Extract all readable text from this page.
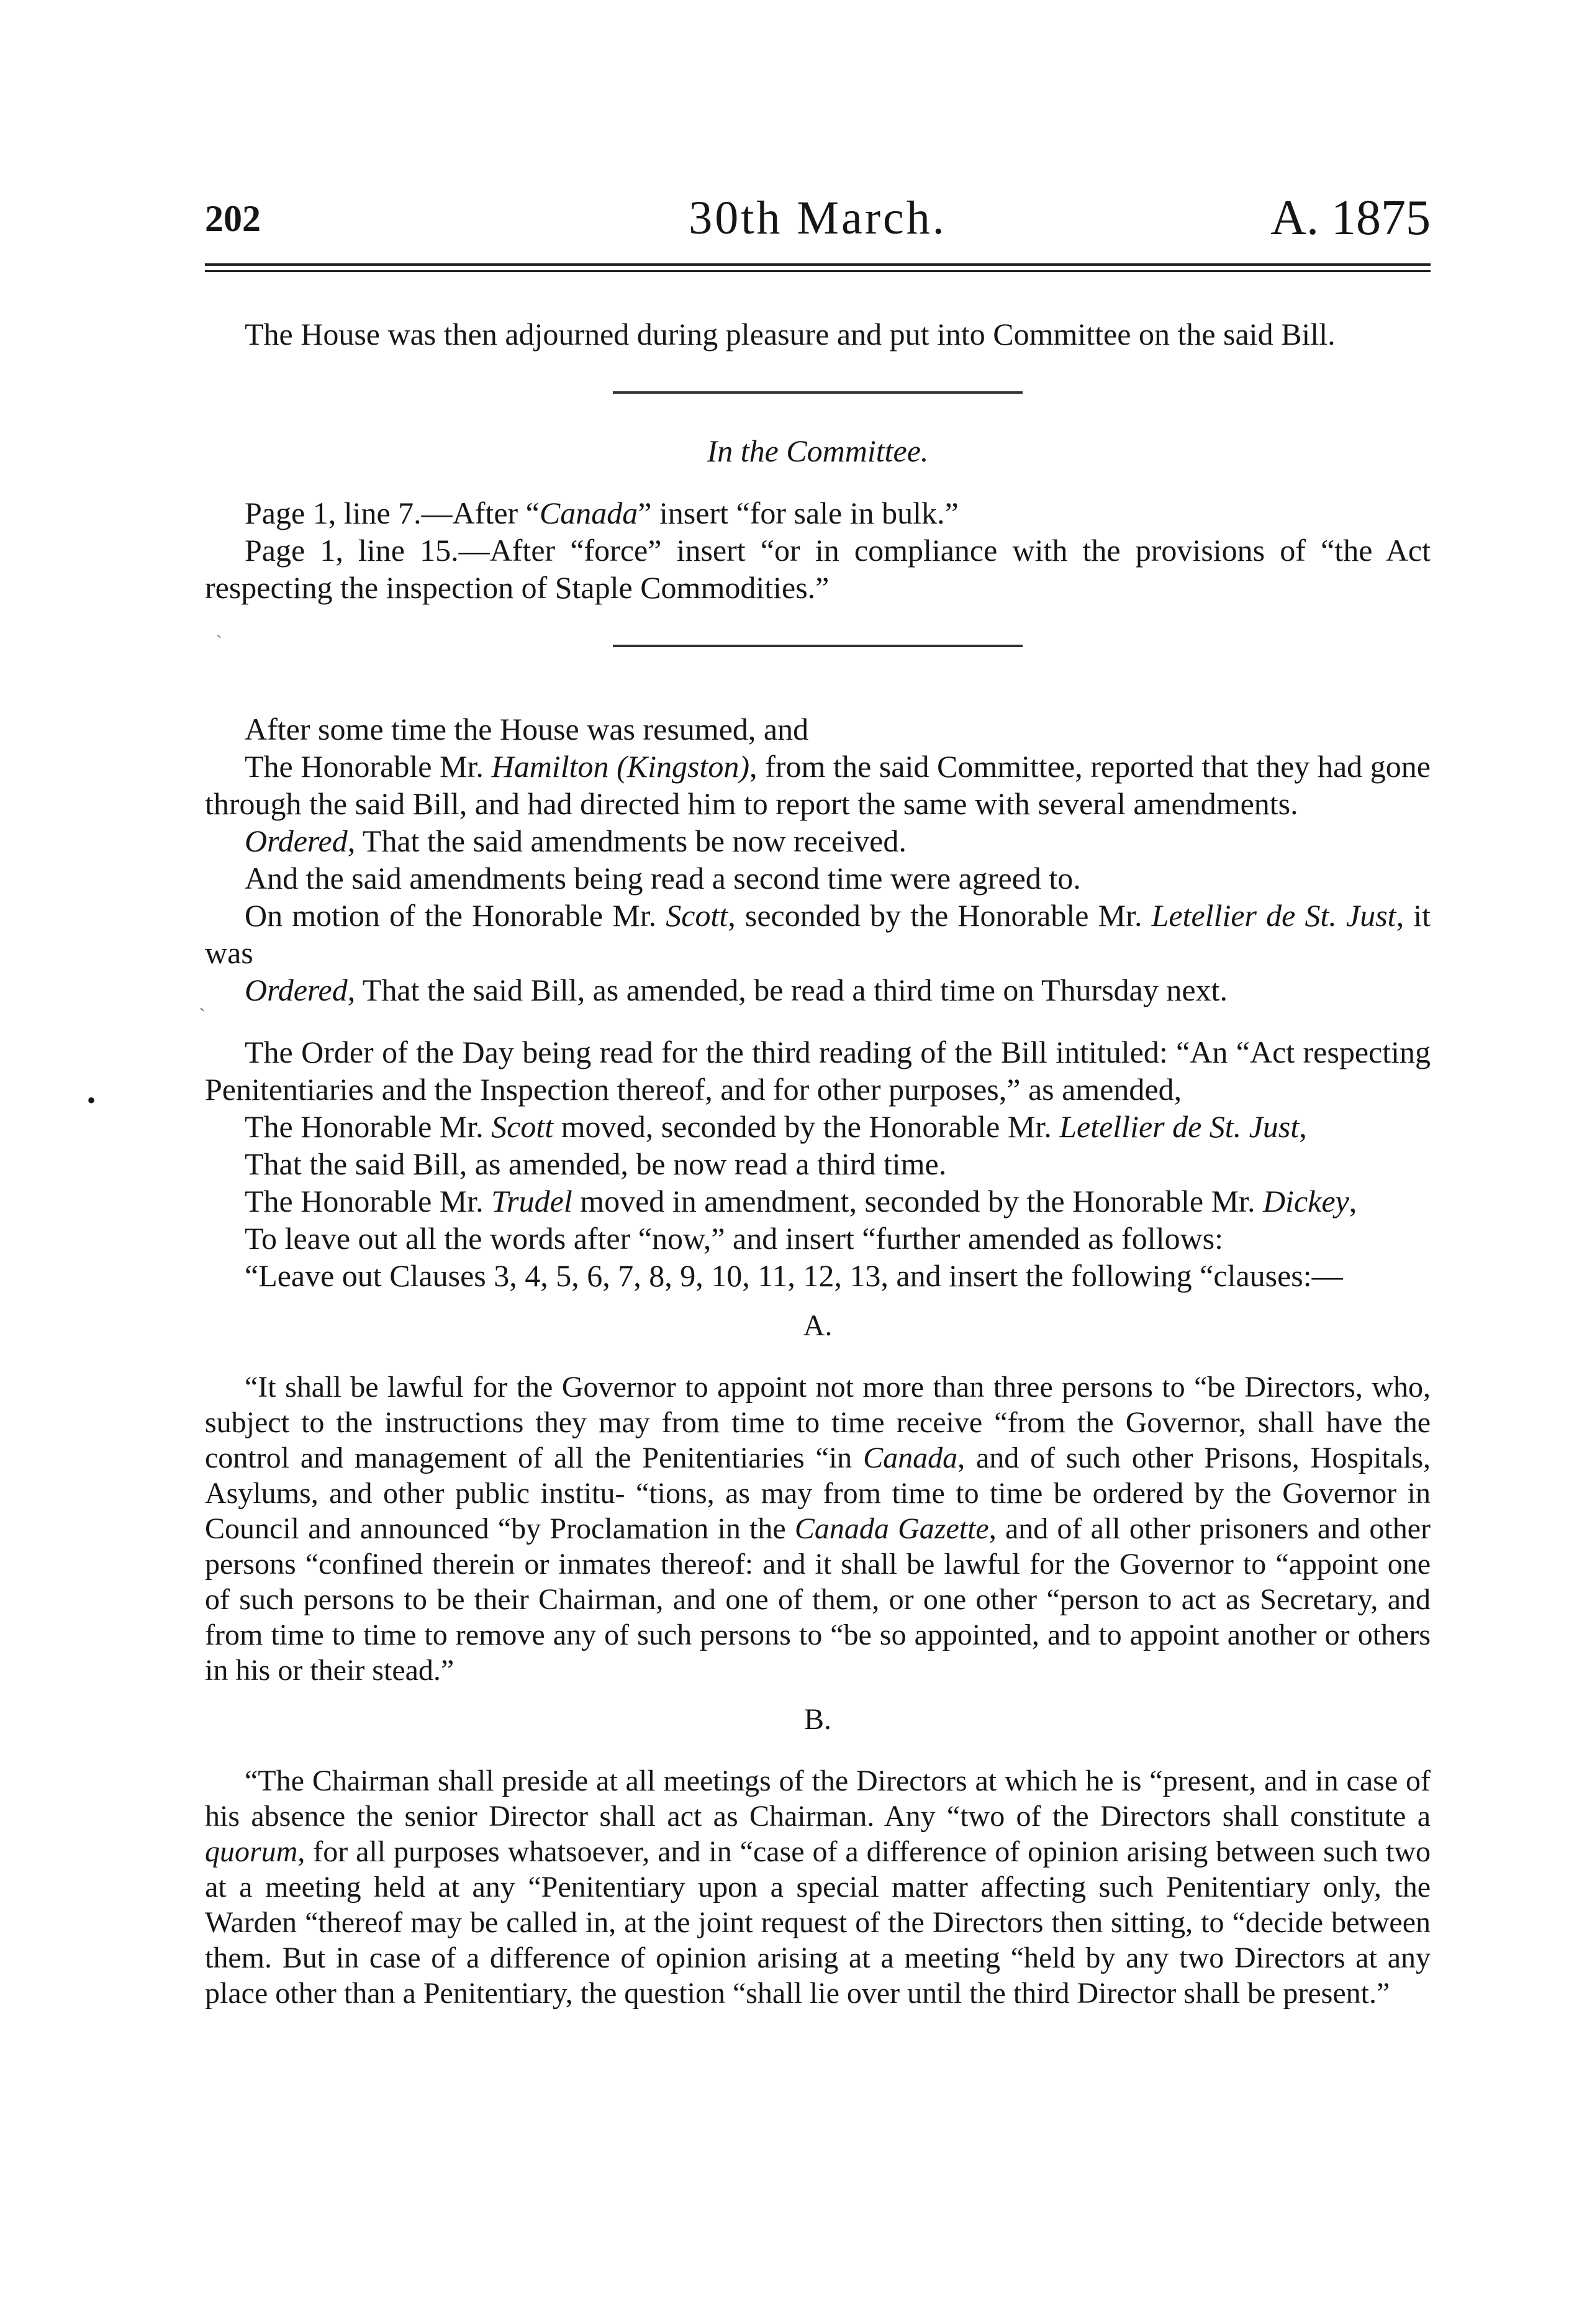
202	30th March.	A. 1875

The House was then adjourned during pleasure and put into Committee on the said Bill.

In the Committee.

Page 1, line 7.—After “Canada” insert “for sale in bulk.”

Page 1, line 15.—After “force” insert “or in compliance with the provisions of “the Act respecting the inspection of Staple Commodities.”

After some time the House was resumed, and

The Honorable Mr. Hamilton (Kingston), from the said Committee, reported that they had gone through the said Bill, and had directed him to report the same with several amendments.

Ordered, That the said amendments be now received.

And the said amendments being read a second time were agreed to.

On motion of the Honorable Mr. Scott, seconded by the Honorable Mr. Letellier de St. Just, it was

Ordered, That the said Bill, as amended, be read a third time on Thursday next.

The Order of the Day being read for the third reading of the Bill intituled: “An “Act respecting Penitentiaries and the Inspection thereof, and for other purposes,” as amended,

The Honorable Mr. Scott moved, seconded by the Honorable Mr. Letellier de St. Just,

That the said Bill, as amended, be now read a third time.

The Honorable Mr. Trudel moved in amendment, seconded by the Honorable Mr. Dickey,

To leave out all the words after “now,” and insert “further amended as follows:

“Leave out Clauses 3, 4, 5, 6, 7, 8, 9, 10, 11, 12, 13, and insert the following “clauses:—

A.

“It shall be lawful for the Governor to appoint not more than three persons to “be Directors, who, subject to the instructions they may from time to time receive “from the Governor, shall have the control and management of all the Penitentiaries “in Canada, and of such other Prisons, Hospitals, Asylums, and other public institu- “tions, as may from time to time be ordered by the Governor in Council and announced “by Proclamation in the Canada Gazette, and of all other prisoners and other persons “confined therein or inmates thereof: and it shall be lawful for the Governor to “appoint one of such persons to be their Chairman, and one of them, or one other “person to act as Secretary, and from time to time to remove any of such persons to “be so appointed, and to appoint another or others in his or their stead.”

B.

“The Chairman shall preside at all meetings of the Directors at which he is “present, and in case of his absence the senior Director shall act as Chairman. Any “two of the Directors shall constitute a quorum, for all purposes whatsoever, and in “case of a difference of opinion arising between such two at a meeting held at any “Penitentiary upon a special matter affecting such Penitentiary only, the Warden “thereof may be called in, at the joint request of the Directors then sitting, to “decide between them. But in case of a difference of opinion arising at a meeting “held by any two Directors at any place other than a Penitentiary, the question “shall lie over until the third Director shall be present.”

•
ˏ
ˏ
